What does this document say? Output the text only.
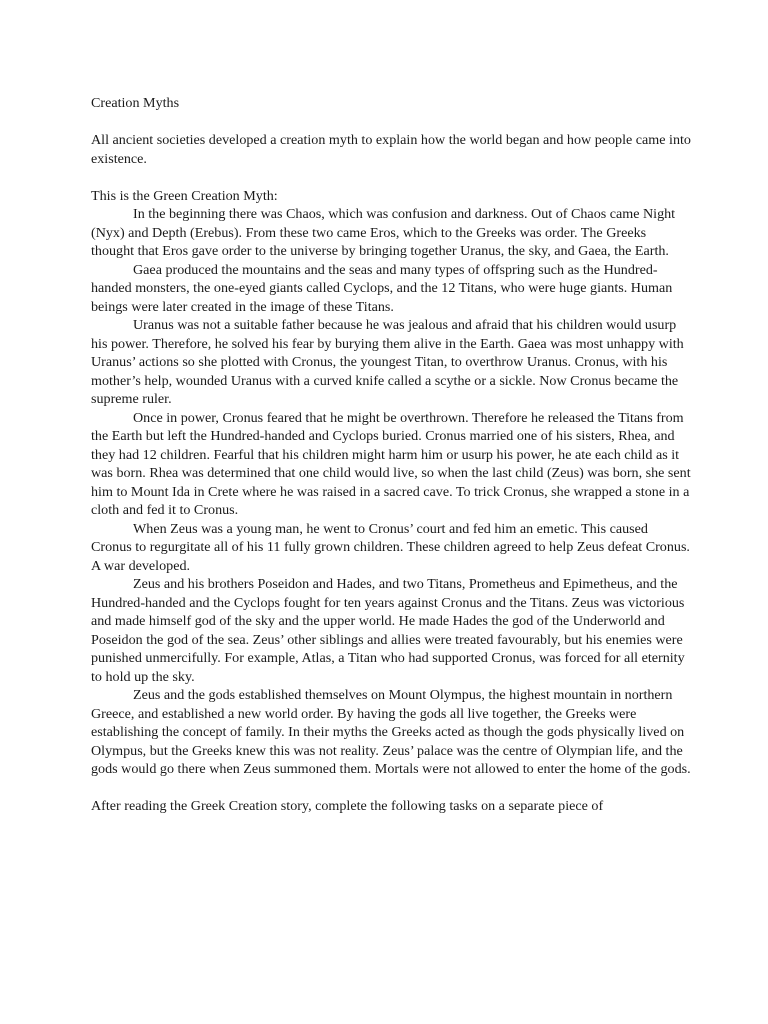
Creation Myths

All ancient societies developed a creation myth to explain how the world began and how people came into existence.

This is the Green Creation Myth:

In the beginning there was Chaos, which was confusion and darkness. Out of Chaos came Night (Nyx) and Depth (Erebus). From these two came Eros, which to the Greeks was order. The Greeks thought that Eros gave order to the universe by bringing together Uranus, the sky, and Gaea, the Earth.

Gaea produced the mountains and the seas and many types of offspring such as the Hundred-handed monsters, the one-eyed giants called Cyclops, and the 12 Titans, who were huge giants. Human beings were later created in the image of these Titans.

Uranus was not a suitable father because he was jealous and afraid that his children would usurp his power. Therefore, he solved his fear by burying them alive in the Earth. Gaea was most unhappy with Uranus’ actions so she plotted with Cronus, the youngest Titan, to overthrow Uranus. Cronus, with his mother’s help, wounded Uranus with a curved knife called a scythe or a sickle. Now Cronus became the supreme ruler.

Once in power, Cronus feared that he might be overthrown. Therefore he released the Titans from the Earth but left the Hundred-handed and Cyclops buried. Cronus married one of his sisters, Rhea, and they had 12 children. Fearful that his children might harm him or usurp his power, he ate each child as it was born. Rhea was determined that one child would live, so when the last child (Zeus) was born, she sent him to Mount Ida in Crete where he was raised in a sacred cave. To trick Cronus, she wrapped a stone in a cloth and fed it to Cronus.

When Zeus was a young man, he went to Cronus’ court and fed him an emetic. This caused Cronus to regurgitate all of his 11 fully grown children. These children agreed to help Zeus defeat Cronus. A war developed.

Zeus and his brothers Poseidon and Hades, and two Titans, Prometheus and Epimetheus, and the Hundred-handed and the Cyclops fought for ten years against Cronus and the Titans. Zeus was victorious and made himself god of the sky and the upper world. He made Hades the god of the Underworld and Poseidon the god of the sea. Zeus’ other siblings and allies were treated favourably, but his enemies were punished unmercifully. For example, Atlas, a Titan who had supported Cronus, was forced for all eternity to hold up the sky.

Zeus and the gods established themselves on Mount Olympus, the highest mountain in northern Greece, and established a new world order. By having the gods all live together, the Greeks were establishing the concept of family. In their myths the Greeks acted as though the gods physically lived on Olympus, but the Greeks knew this was not reality. Zeus’ palace was the centre of Olympian life, and the gods would go there when Zeus summoned them. Mortals were not allowed to enter the home of the gods.

After reading the Greek Creation story, complete the following tasks on a separate piece of
